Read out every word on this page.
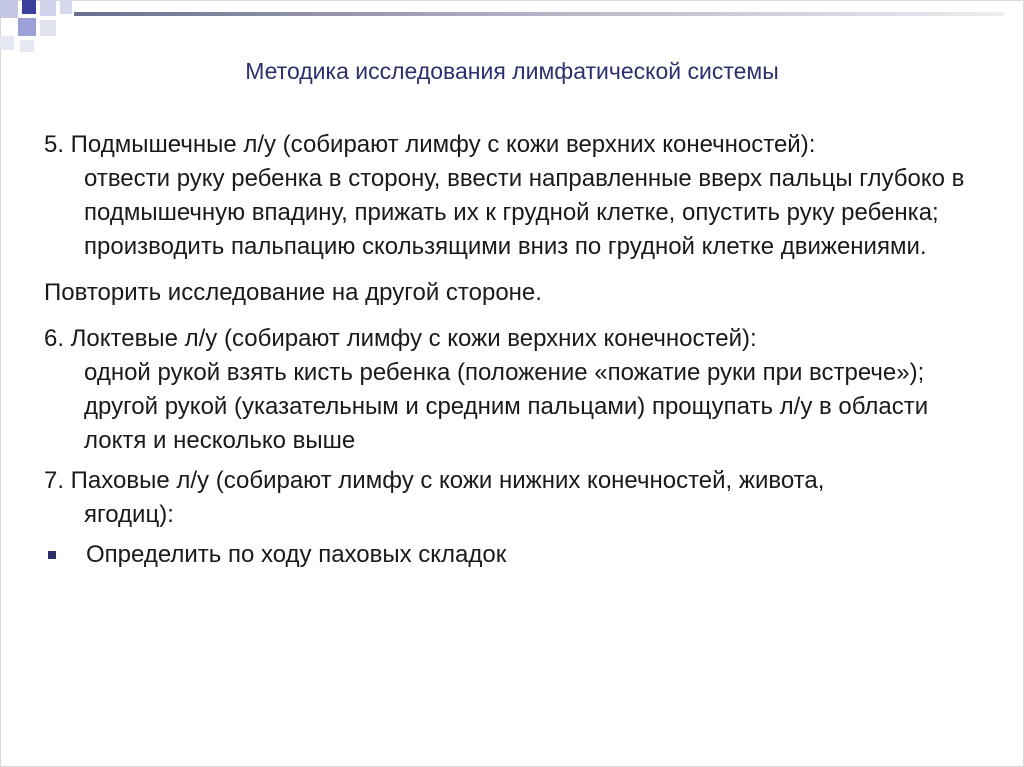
Методика исследования лимфатической системы

5. Подмышечные л/у (собирают лимфу с кожи верхних конечностей):
отвести руку ребенка в сторону, ввести направленные вверх пальцы глубоко в подмышечную впадину, прижать их к грудной клетке, опустить руку ребенка; производить пальпацию скользящими вниз по грудной клетке движениями.

Повторить исследование на другой стороне.

6. Локтевые л/у (собирают лимфу с кожи верхних конечностей):
одной рукой взять кисть ребенка (положение «пожатие руки при встрече»); другой рукой (указательным и средним пальцами) прощупать л/у в области локтя и несколько выше

7. Паховые л/у (собирают лимфу с кожи нижних конечностей, живота,
ягодиц):

Определить по ходу паховых складок
